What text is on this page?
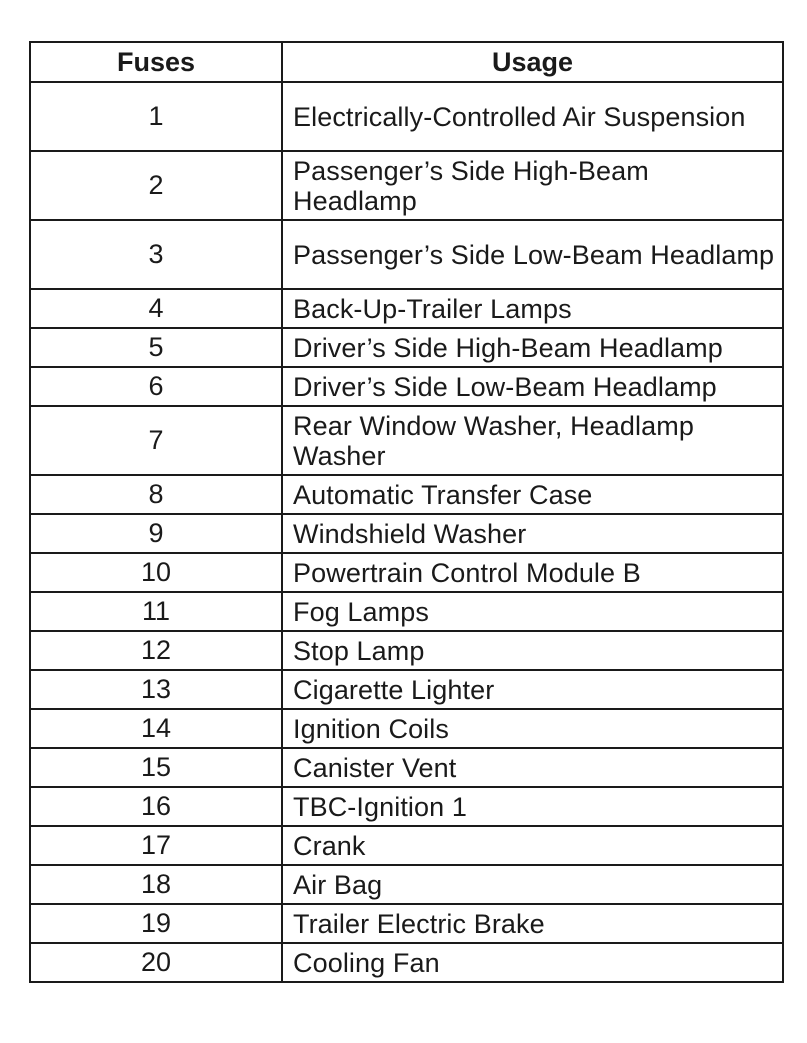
Fuses	Usage
1	Electrically-Controlled Air Suspension
2	Passenger’s Side High-Beam Headlamp
3	Passenger’s Side Low-Beam Headlamp
4	Back-Up-Trailer Lamps
5	Driver’s Side High-Beam Headlamp
6	Driver’s Side Low-Beam Headlamp
7	Rear Window Washer, Headlamp Washer
8	Automatic Transfer Case
9	Windshield Washer
10	Powertrain Control Module B
11	Fog Lamps
12	Stop Lamp
13	Cigarette Lighter
14	Ignition Coils
15	Canister Vent
16	TBC-Ignition 1
17	Crank
18	Air Bag
19	Trailer Electric Brake
20	Cooling Fan
